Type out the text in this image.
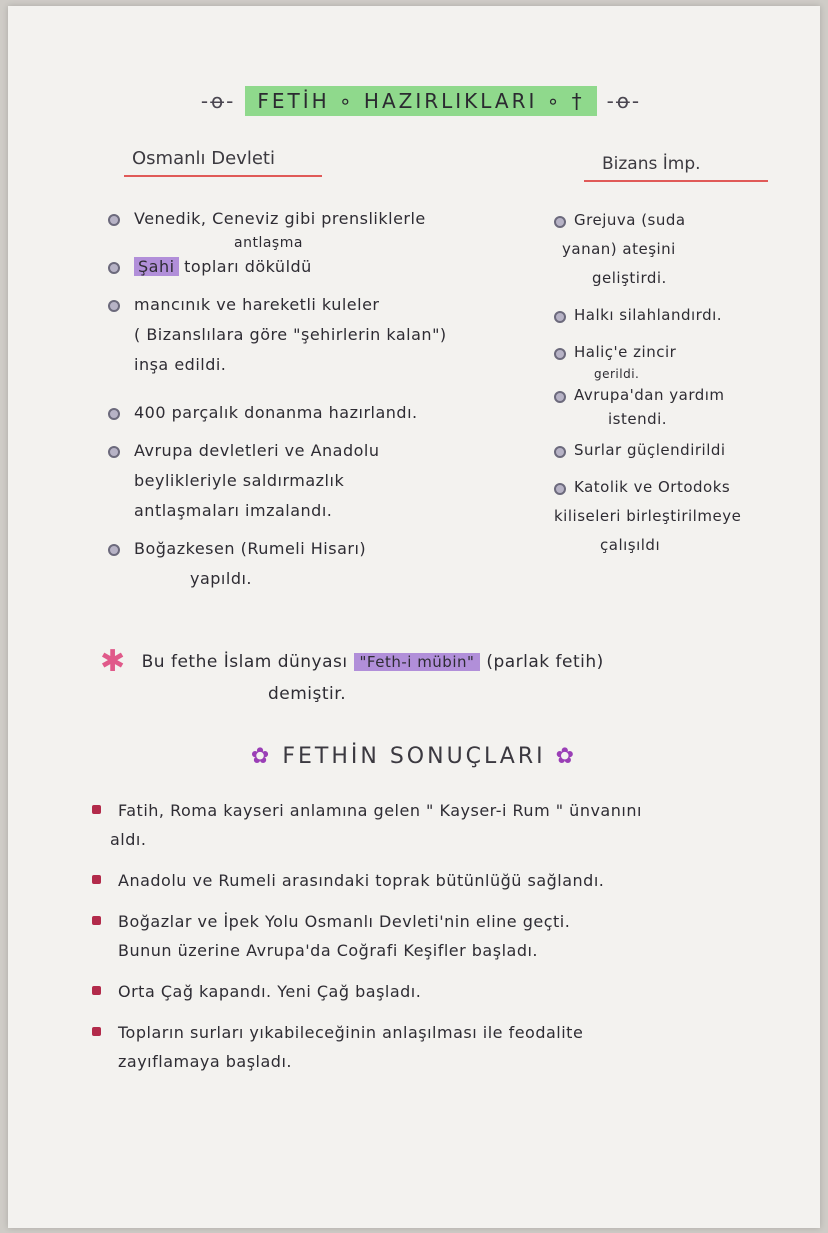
-ꝋ-	FETİH ∘ HAZIRLIKLARI ∘ †	-ꝋ-
Osmanlı Devleti	Bizans İmp.
Venedik, Ceneviz gibi prensliklerle
antlaşma
Şahi topları döküldü
mancınık ve hareketli kuleler
( Bizanslılara göre "şehirlerin kalan")
inşa edildi.
400 parçalık donanma hazırlandı.
Avrupa devletleri ve Anadolu
beylikleriyle saldırmazlık
antlaşmaları imzalandı.
Boğazkesen (Rumeli Hisarı)
yapıldı.
Grejuva (suda
yanan) ateşini
geliştirdi.
Halkı silahlandırdı.
Haliç'e zincir
gerildi.
Avrupa'dan yardım
istendi.
Surlar güçlendirildi
Katolik ve Ortodoks
kiliseleri birleştirilmeye
çalışıldı
✱ Bu fethe İslam dünyası "Feth-i mübin" (parlak fetih)
demiştir.
✿ FETHİN SONUÇLARI ✿
Fatih, Roma kayseri anlamına gelen " Kayser-i Rum " ünvanını
aldı.
Anadolu ve Rumeli arasındaki toprak bütünlüğü sağlandı.
Boğazlar ve İpek Yolu Osmanlı Devleti'nin eline geçti.
Bunun üzerine Avrupa'da Coğrafi Keşifler başladı.
Orta Çağ kapandı. Yeni Çağ başladı.
Topların surları yıkabileceğinin anlaşılması ile feodalite
zayıflamaya başladı.
